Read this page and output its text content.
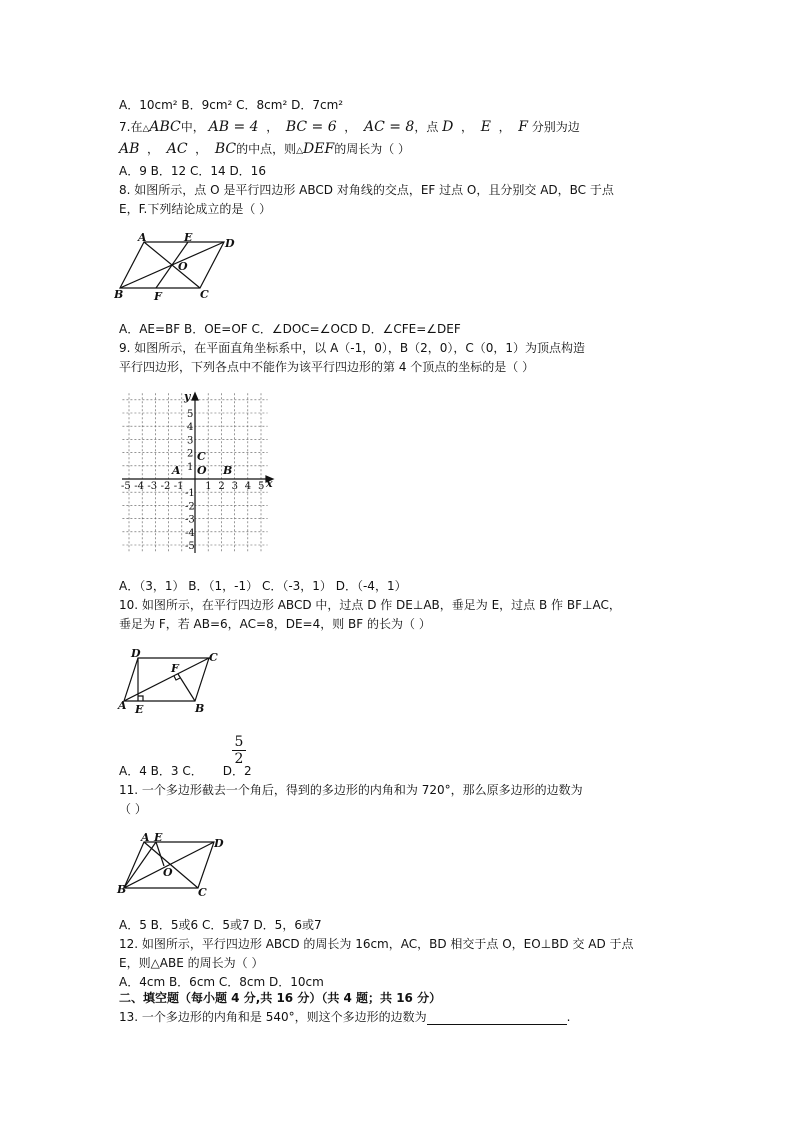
A．10cm² B．9cm² C．8cm² D．7cm²
7.在△ABC中， AB = 4 ， BC = 6 ， AC = 8，点 D ， E ， F 分别为边
AB ， AC ， BC的中点，则△DEF的周长为（ ）
A．9 B．12 C．14 D．16
8. 如图所示，点 O 是平行四边形 ABCD 对角线的交点，EF 过点 O，且分别交 AD，BC 于点
E，F.下列结论成立的是（ ）
A	E	D
O
B	F	C
A．AE=BF B．OE=OF C．∠DOC=∠OCD D．∠CFE=∠DEF
9. 如图所示，在平面直角坐标系中，以 A（-1，0），B（2，0），C（0，1）为顶点构造
平行四边形，下列各点中不能作为该平行四边形的第 4 个顶点的坐标的是（ ）
-5
-5
-4
-4
-3
-3
-2
-2
-1
-1
1
1
2
2
3
3
4
4
5
5
y
x
O
A	B
C
A．（3，1） B．（1，-1） C．（-3，1） D．（-4，1）
10. 如图所示，在平行四边形 ABCD 中，过点 D 作 DE⊥AB，垂足为 E，过点 B 作 BF⊥AC，
垂足为 F，若 AB=6，AC=8，DE=4，则 BF 的长为（ ）
D	C
F
A E	B
$\frac{5}{2}$
A．4 B．3 C． D．2
11. 一个多边形截去一个角后，得到的多边形的内角和为 720°，那么原多边形的边数为
（ ）
A E	D
O
B	C
A．5 B．5或6 C．5或7 D．5，6或7
12. 如图所示，平行四边形 ABCD 的周长为 16cm，AC，BD 相交于点 O，EO⊥BD 交 AD 于点
E，则△ABE 的周长为（ ）
A．4cm B．6cm C．8cm D．10cm
二、填空题（每小题 4 分,共 16 分）（共 4 题；共 16 分）
13. 一个多边形的内角和是 540°，则这个多边形的边数为	.
